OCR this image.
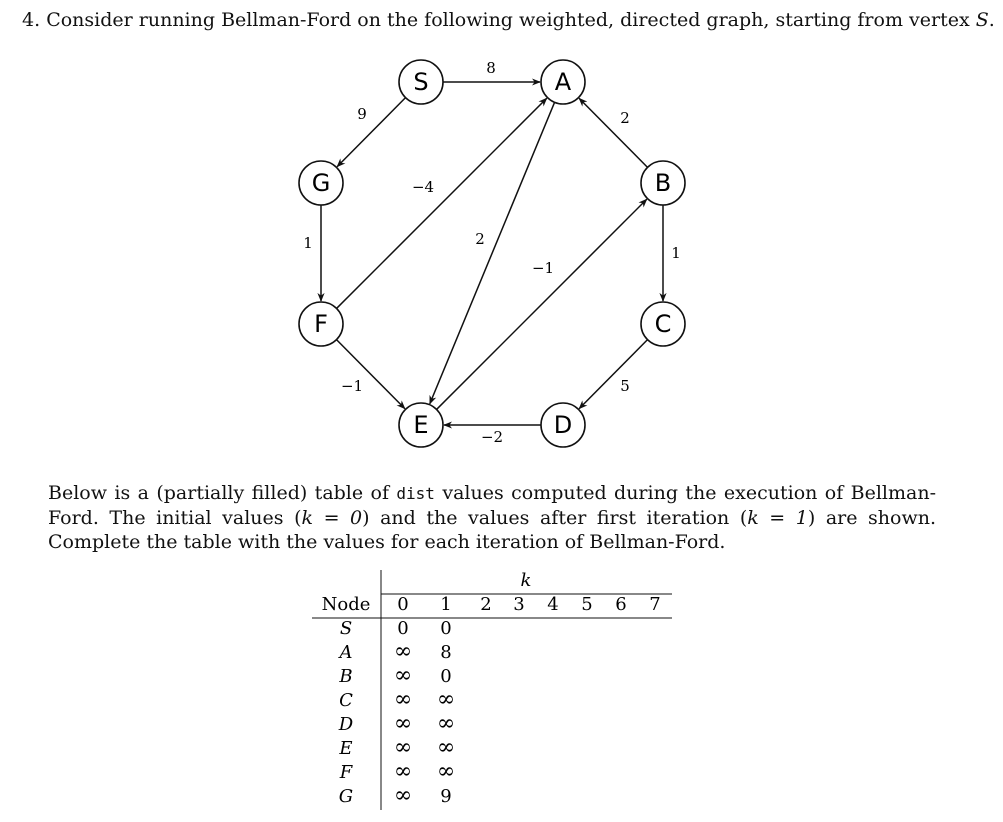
4. Consider running Bellman-Ford on the following weighted, directed graph, starting from vertex S.
8
9	2
1
−4
2
−1
1
−1	5
−2
S	A
B
C
D
E
F
G
Below is a (partially filled) table of dist values computed during the execution of Bellman-Ford. The initial values (k = 0) and the values after first iteration (k = 1) are shown. Complete the table with the values for each iteration of Bellman-Ford.
k
Node 0 1 2 3 4 5 6 7
S	0 0
A ∞ 8
B ∞ 0
C ∞ ∞
D ∞ ∞
E ∞ ∞
F ∞ ∞
G ∞ 9
